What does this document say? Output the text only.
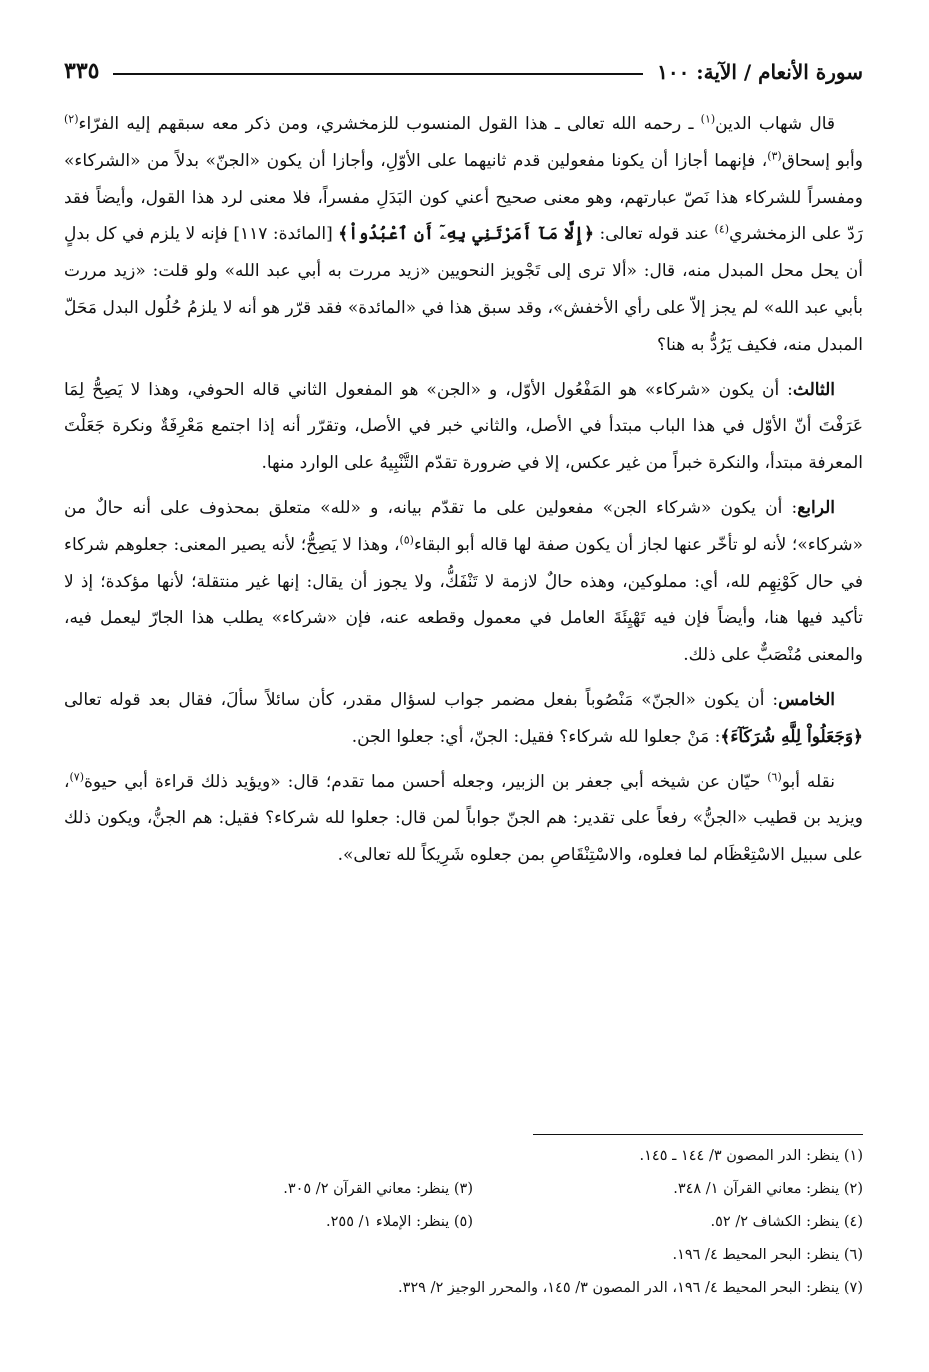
٣٣٥	سورة الأنعام / الآية: ١٠٠

قال شهاب الدين$^{(١)}$ ـ رحمه الله تعالى ـ هذا القول المنسوب للزمخشري، ومن ذكر معه سبقهم إليه الفرّاء$^{(٢)}$ وأبو إسحاق$^{(٣)}$، فإنهما أجازا أن يكونا مفعولين قدم ثانيهما على الأوّلِ، وأجازا أن يكون «الجنّ» بدلاً من «الشركاء» ومفسراً للشركاء هذا نَصّ عبارتهم، وهو معنى صحيح أعني كون البَدَلِ مفسراً، فلا معنى لرد هذا القول، وأيضاً فقد رَدّ على الزمخشري$^{(٤)}$ عند قوله تعالى: ﴿إِلَّا مَآ أَمَرْتَنِي بِهِۦٓ أَنِ ٱعْبُدُواْ﴾ [المائدة: ١١٧] فإنه لا يلزم في كل بدلٍ أن يحل محل المبدل منه، قال: «ألا ترى إلى تَجْويز النحويين «زيد مررت به أبي عبد الله» ولو قلت: «زيد مررت بأبي عبد الله» لم يجز إلاّ على رأي الأخفش»، وقد سبق هذا في «المائدة» فقد قرّر هو أنه لا يلزمُ حُلُول البدل مَحَلّ المبدل منه، فكيف يَرُدُّ به هنا؟

الثالث: أن يكون «شركاء» هو المَفْعُول الأوّل، و «الجن» هو المفعول الثاني قاله الحوفي، وهذا لا يَصِحُّ لِمَا عَرَفْتَ أنّ الأوّل في هذا الباب مبتدأ في الأصل، والثاني خبر في الأصل، وتقرّر أنه إذا اجتمع مَعْرِفَةٌ ونكرة جَعَلْتَ المعرفة مبتدأ، والنكرة خبراً من غير عكس، إلا في ضرورة تقدّم التَّنْبِيهُ على الوارد منها.

الرابع: أن يكون «شركاء الجن» مفعولين على ما تقدّم بيانه، و «لله» متعلق بمحذوف على أنه حالٌ من «شركاء»؛ لأنه لو تأخّر عنها لجاز أن يكون صفة لها قاله أبو البقاء$^{(٥)}$، وهذا لا يَصِحُّ؛ لأنه يصير المعنى: جعلوهم شركاء في حال كَوْنِهِم لله، أي: مملوكين، وهذه حالٌ لازمة لا تَنْفَكُّ، ولا يجوز أن يقال: إنها غير منتقلة؛ لأنها مؤكدة؛ إذ لا تأكيد فيها هنا، وأيضاً فإن فيه تَهْيِئَةَ العامل في معمول وقطعه عنه، فإن «شركاء» يطلب هذا الجارّ ليعمل فيه، والمعنى مُنْصَبٌّ على ذلك.

الخامس: أن يكون «الجنّ» مَنْصُوباً بفعل مضمر جواب لسؤال مقدر، كأن سائلاً سألَ، فقال بعد قوله تعالى ﴿وَجَعَلُواْ لِلَّهِ شُرَكَآءَ﴾: مَنْ جعلوا لله شركاء؟ فقيل: الجنّ، أي: جعلوا الجن.

نقله أبو$^{(٦)}$ حيّان عن شيخه أبي جعفر بن الزبير، وجعله أحسن مما تقدم؛ قال: «ويؤيد ذلك قراءة أبي حيوة$^{(٧)}$، ويزيد بن قطيب «الجنُّ» رفعاً على تقدير: هم الجنّ جواباً لمن قال: جعلوا لله شركاء؟ فقيل: هم الجنُّ، ويكون ذلك على سبيل الاسْتِعْظَام لما فعلوه، والاسْتِنْقَاصِ بمن جعلوه شَرِيكاً لله تعالى».

(١) ينظر: الدر المصون ٣/ ١٤٤ ـ ١٤٥.
(٢) ينظر: معاني القرآن ١/ ٣٤٨.
(٣) ينظر: معاني القرآن ٢/ ٣٠٥.
(٤) ينظر: الكشاف ٢/ ٥٢.
(٥) ينظر: الإملاء ١/ ٢٥٥.
(٦) ينظر: البحر المحيط ٤/ ١٩٦.
(٧) ينظر: البحر المحيط ٤/ ١٩٦، الدر المصون ٣/ ١٤٥، والمحرر الوجيز ٢/ ٣٢٩.
